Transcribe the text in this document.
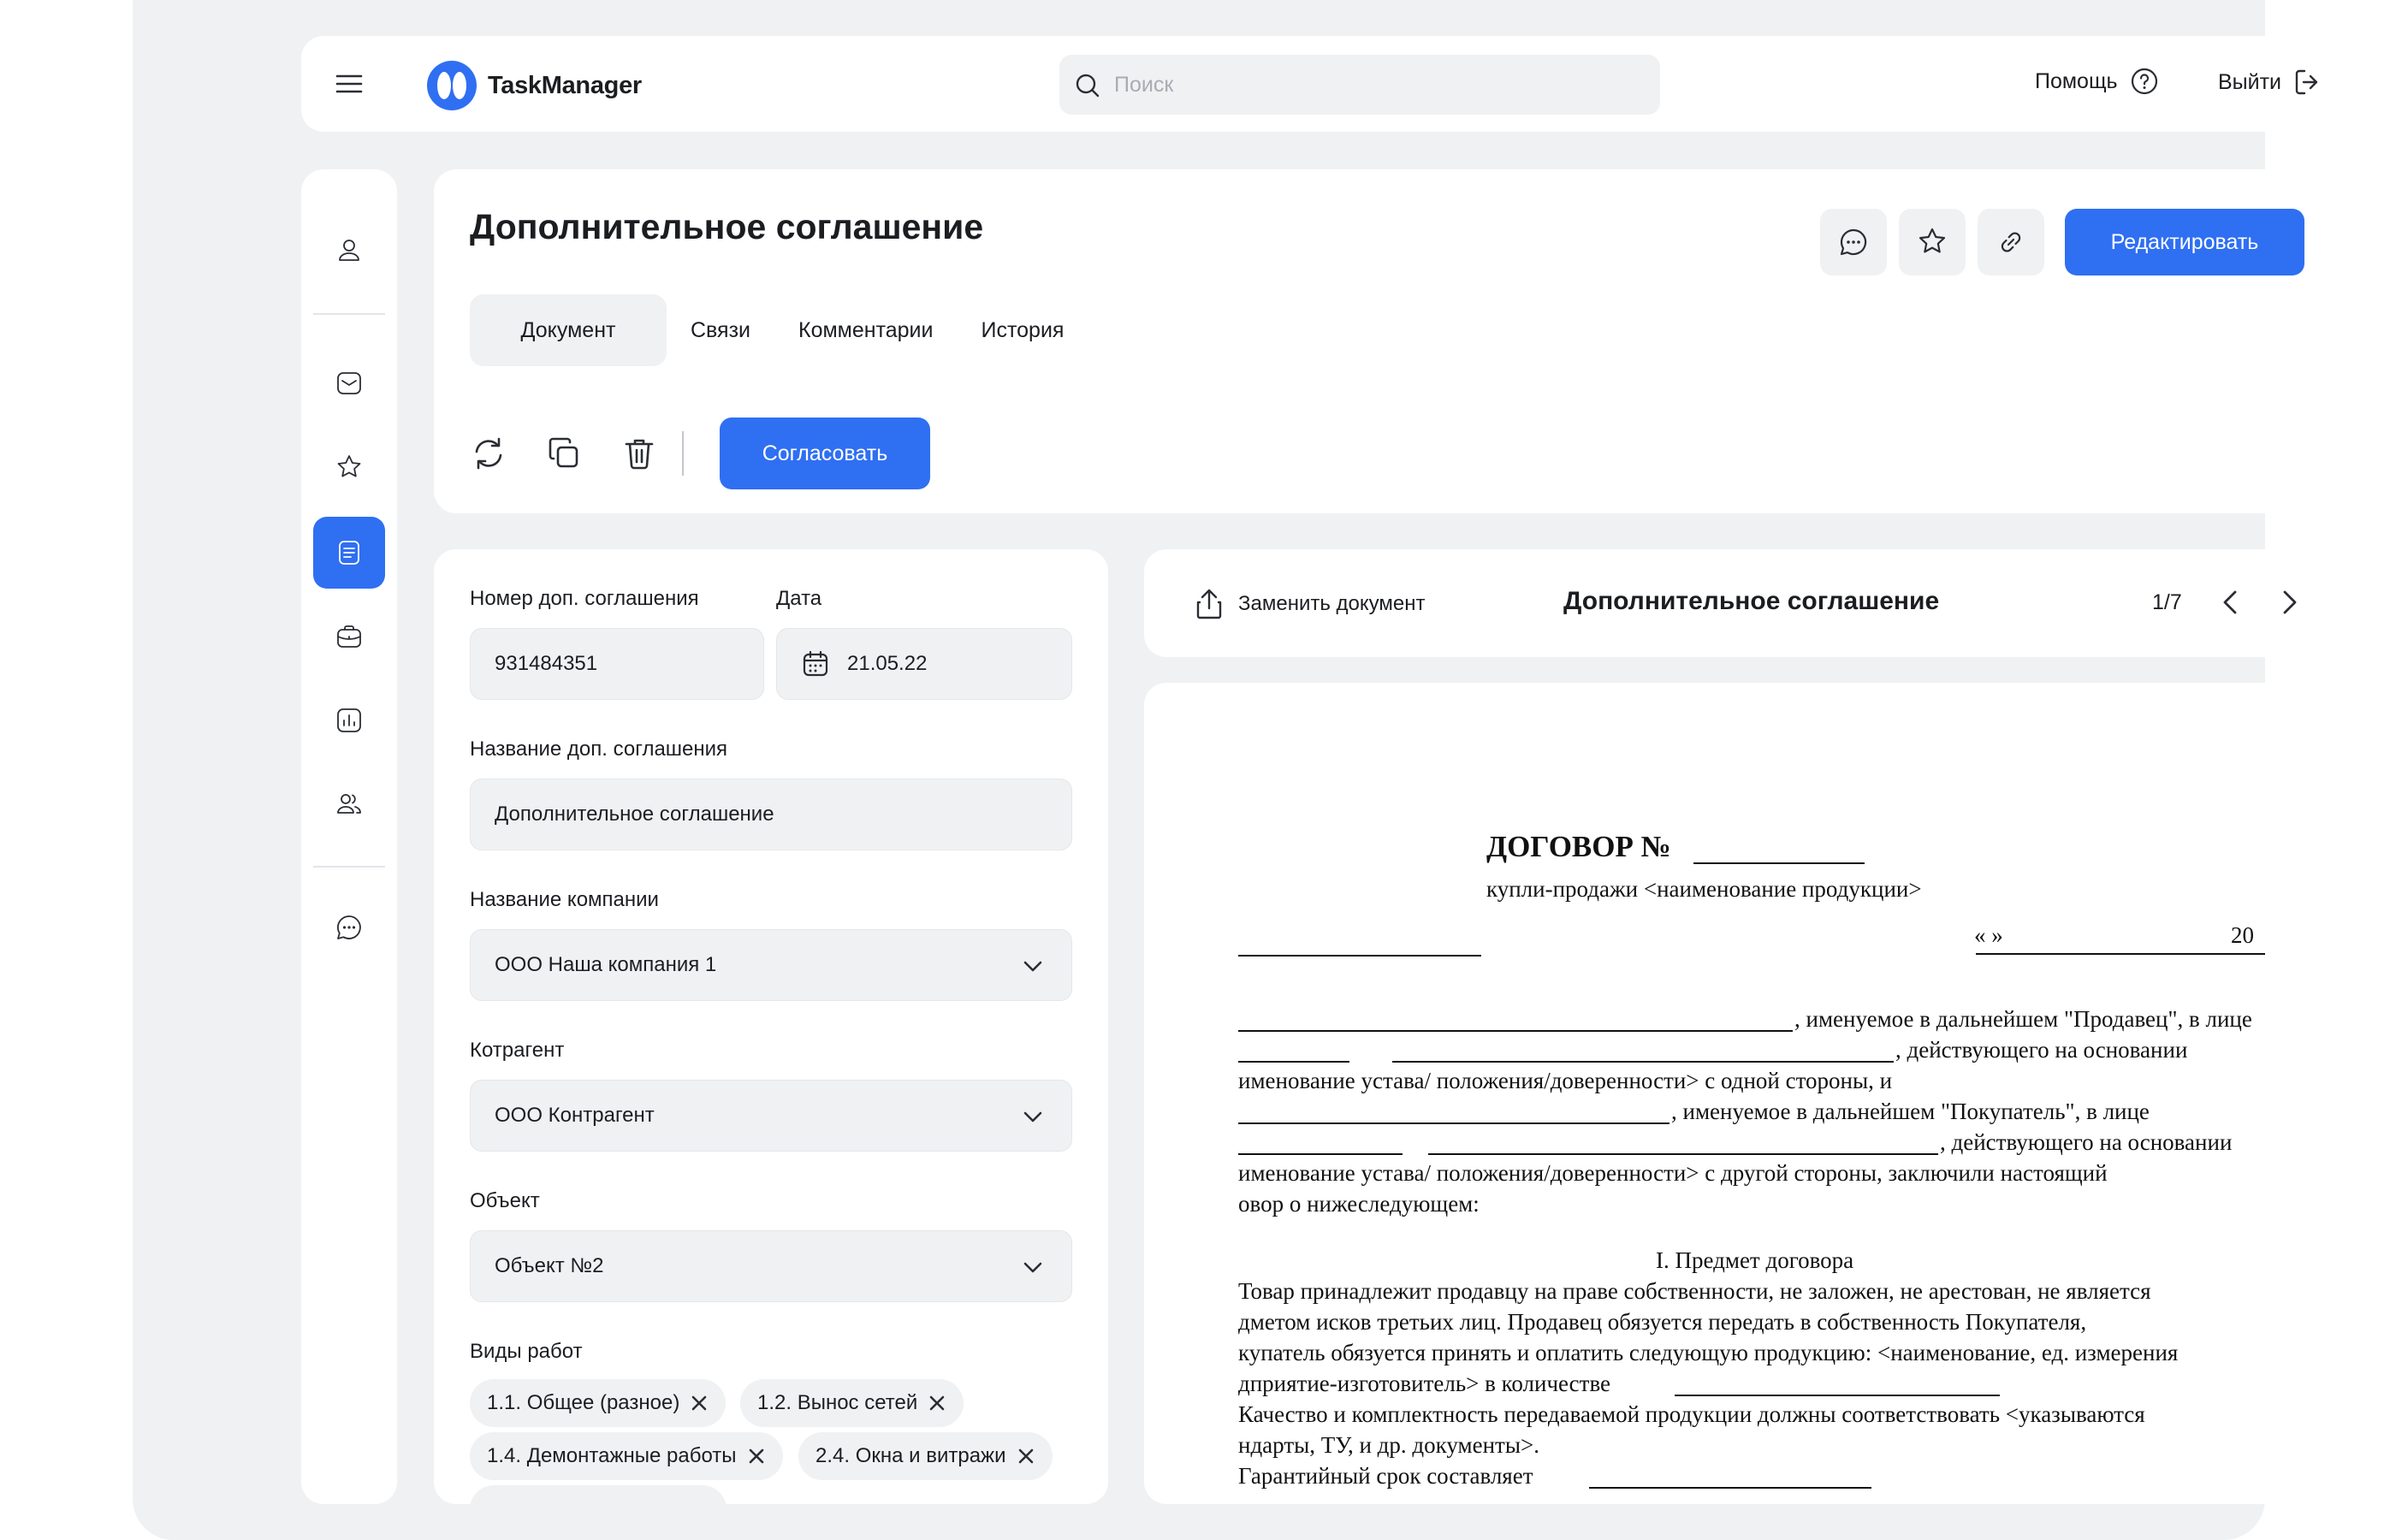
TaskManager
Поиск	Помощь	Выйти
Дополнительное соглашение	Редактировать
Документ	Связи	Комментарии	История
Согласовать
Номер доп. соглашения	Дата
931484351	21.05.22
Название доп. соглашения
Дополнительное соглашение
Название компании
ООО Наша компания 1
Котрагент
ООО Контрагент
Объект
Объект №2
Виды работ
1.1. Общее (разное)	1.2. Вынос сетей
1.4. Демонтажные работы	2.4. Окна и витражи
Заменить документ	Дополнительное соглашение	1/7
ДОГОВОР №
купли-продажи <наименование продукции>
« »	20
, именуемое в дальнейшем "Продавец", в лице
, действующего на основании
именование устава/ положения/доверенности> с одной стороны, и
, именуемое в дальнейшем "Покупатель", в лице
, действующего на основании
именование устава/ положения/доверенности> с другой стороны, заключили настоящий
овор о нижеследующем:
I. Предмет договора
Товар принадлежит продавцу на праве собственности, не заложен, не арестован, не является
дметом исков третьих лиц. Продавец обязуется передать в собственность Покупателя,
купатель обязуется принять и оплатить следующую продукцию: <наименование, ед. измерения
дприятие-изготовитель> в количестве
Качество и комплектность передаваемой продукции должны соответствовать <указываются
ндарты, ТУ, и др. документы>.
Гарантийный срок составляет
